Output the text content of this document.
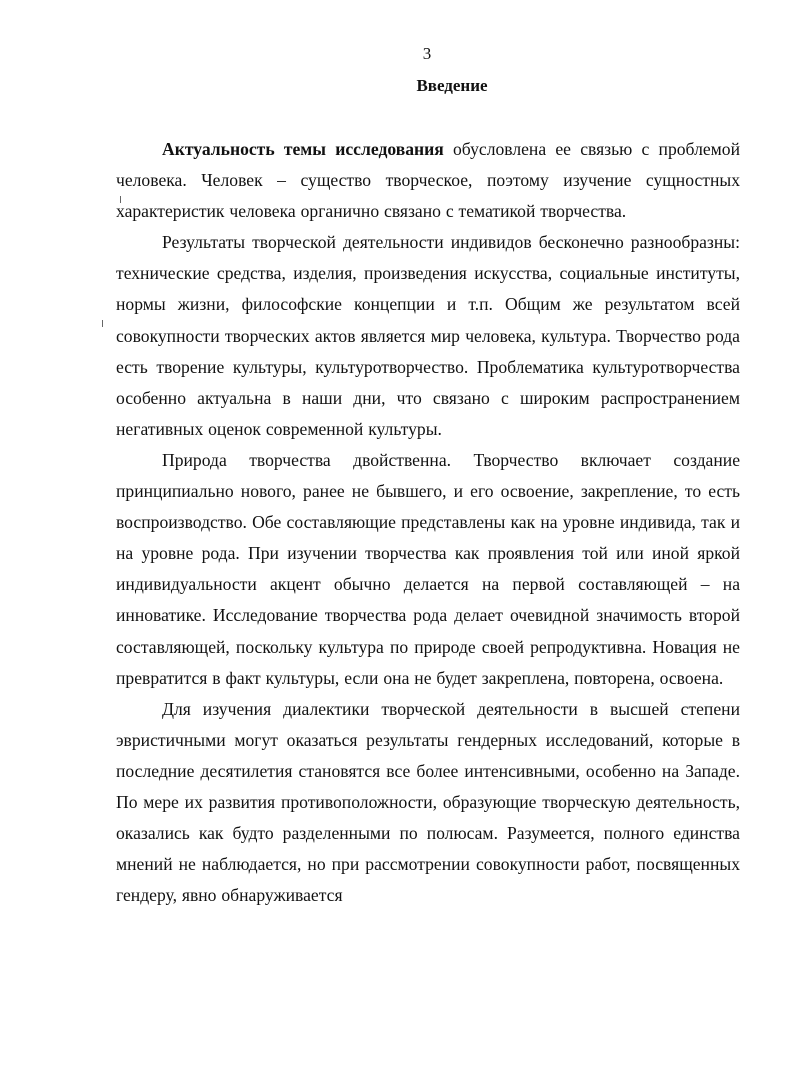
3
Введение

Актуальность темы исследования обусловлена ее связью с проблемой человека. Человек – существо творческое, поэтому изучение сущностных характеристик человека органично связано с тематикой творчества.

Результаты творческой деятельности индивидов бесконечно разнообразны: технические средства, изделия, произведения искусства, социальные институты, нормы жизни, философские концепции и т.п. Общим же результатом всей совокупности творческих актов является мир человека, культура. Творчество рода есть творение культуры, культуротворчество. Проблематика культуротворчества особенно актуальна в наши дни, что связано с широким распространением негативных оценок современной культуры.

Природа творчества двойственна. Творчество включает создание принципиально нового, ранее не бывшего, и его освоение, закрепление, то есть воспроизводство. Обе составляющие представлены как на уровне индивида, так и на уровне рода. При изучении творчества как проявления той или иной яркой индивидуальности акцент обычно делается на первой составляющей – на инноватике. Исследование творчества рода делает очевидной значимость второй составляющей, поскольку культура по природе своей репродуктивна. Новация не превратится в факт культуры, если она не будет закреплена, повторена, освоена.

Для изучения диалектики творческой деятельности в высшей степени эвристичными могут оказаться результаты гендерных исследований, которые в последние десятилетия становятся все более интенсивными, особенно на Западе. По мере их развития противоположности, образующие творческую деятельность, оказались как будто разделенными по полюсам. Разумеется, полного единства мнений не наблюдается, но при рассмотрении совокупности работ, посвященных гендеру, явно обнаруживается
